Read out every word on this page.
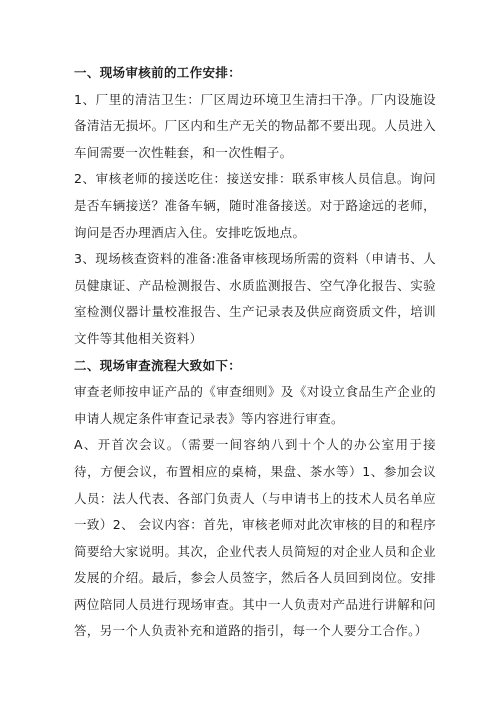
一、现场审核前的工作安排：

1、厂里的清洁卫生：厂区周边环境卫生清扫干净。厂内设施设备清洁无损坏。厂区内和生产无关的物品都不要出现。人员进入车间需要一次性鞋套，和一次性帽子。

2、审核老师的接送吃住：接送安排：联系审核人员信息。询问是否车辆接送？准备车辆，随时准备接送。对于路途远的老师，询问是否办理酒店入住。安排吃饭地点。

3、现场核查资料的准备:准备审核现场所需的资料（申请书、人员健康证、产品检测报告、水质监测报告、空气净化报告、实验室检测仪器计量校准报告、生产记录表及供应商资质文件，培训文件等其他相关资料）

二、现场审查流程大致如下：

审查老师按申证产品的《审查细则》及《对设立食品生产企业的申请人规定条件审查记录表》等内容进行审查。

A、开首次会议。（需要一间容纳八到十个人的办公室用于接待，方便会议，布置相应的桌椅，果盘、茶水等）1、参加会议人员：法人代表、各部门负责人（与申请书上的技术人员名单应一致）2、 会议内容：首先，审核老师对此次审核的目的和程序简要给大家说明。其次，企业代表人员简短的对企业人员和企业发展的介绍。最后，参会人员签字，然后各人员回到岗位。安排两位陪同人员进行现场审查。其中一人负责对产品进行讲解和问答，另一个人负责补充和道路的指引，每一个人要分工合作。）
